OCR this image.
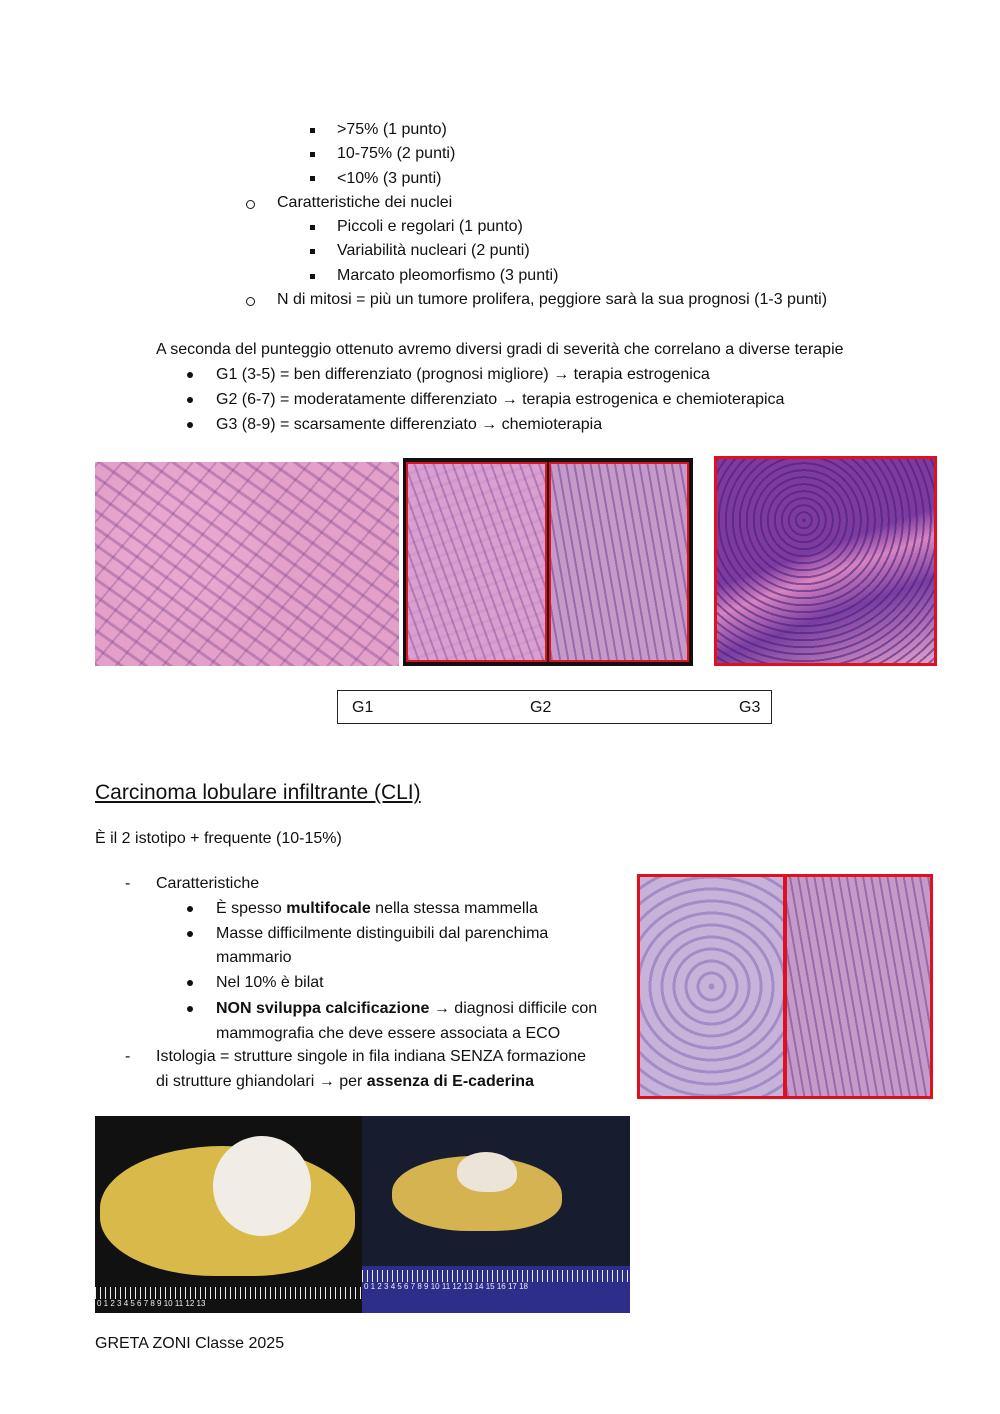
>75% (1 punto)
10-75% (2 punti)
<10% (3 punti)
Caratteristiche dei nuclei
Piccoli e regolari (1 punto)
Variabilità nucleari (2 punti)
Marcato pleomorfismo (3 punti)
N di mitosi = più un tumore prolifera, peggiore sarà la sua prognosi (1-3 punti)
A seconda del punteggio ottenuto avremo diversi gradi di severità che correlano a diverse terapie
G1 (3-5) = ben differenziato (prognosi migliore) → terapia estrogenica
G2 (6-7) = moderatamente differenziato → terapia estrogenica e chemioterapica
G3 (8-9) = scarsamente differenziato → chemioterapia
G1	G2	G3
Carcinoma lobulare infiltrante (CLI)
È il 2 istotipo + frequente (10-15%)
- Caratteristiche
È spesso multifocale nella stessa mammella
Masse difficilmente distinguibili dal parenchima
mammario
Nel 10% è bilat
NON sviluppa calcificazione → diagnosi difficile con
mammografia che deve essere associata a ECO
- Istologia = strutture singole in fila indiana SENZA formazione
di strutture ghiandolari → per assenza di E-caderina
0 1 2 3 4 5 6 7 8 9 10 11 12 13
0 1 2 3 4 5 6 7 8 9 10 11 12 13 14 15 16 17 18
GRETA ZONI Classe 2025
